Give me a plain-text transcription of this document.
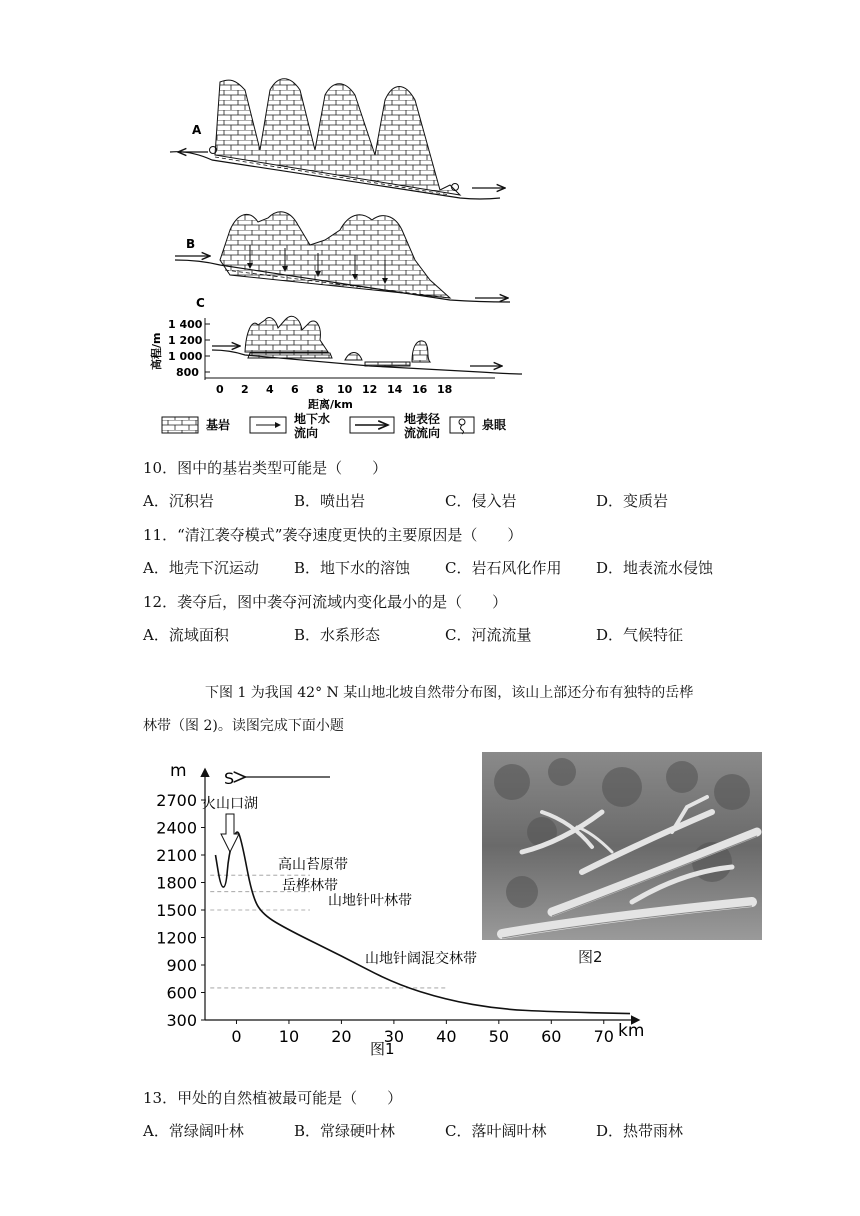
A
B
C
高程/m
1 400
1 200
1 000
800
0 2 4 6 8 10 12 14 16 18
距离/km
基岩	地下水
流向
地表径
流流向
泉眼
10．图中的基岩类型可能是（　　）
A．沉积岩	B．喷出岩	C．侵入岩	D．变质岩
11．“清江袭夺模式”袭夺速度更快的主要原因是（　　）
A．地壳下沉运动 B．地下水的溶蚀 C．岩石风化作用 D．地表流水侵蚀
12．袭夺后，图中袭夺河流域内变化最小的是（　　）
A．流域面积	B．水系形态	C．河流流量	D．气候特征
下图 1 为我国 42° N 某山地北坡自然带分布图，该山上部还分布有独特的岳桦
林带（图 2)。读图完成下面小题
2700
2400
2100
1800
1500
1200
900
600
300
0 10 20 30 40 50 60 70
m
km
S
火山口湖
高山苔原带
岳桦林带
山地针叶林带
山地针阔混交林带
图1
图2
13．甲处的自然植被最可能是（　　）
A．常绿阔叶林	B．常绿硬叶林	C．落叶阔叶林	D．热带雨林
